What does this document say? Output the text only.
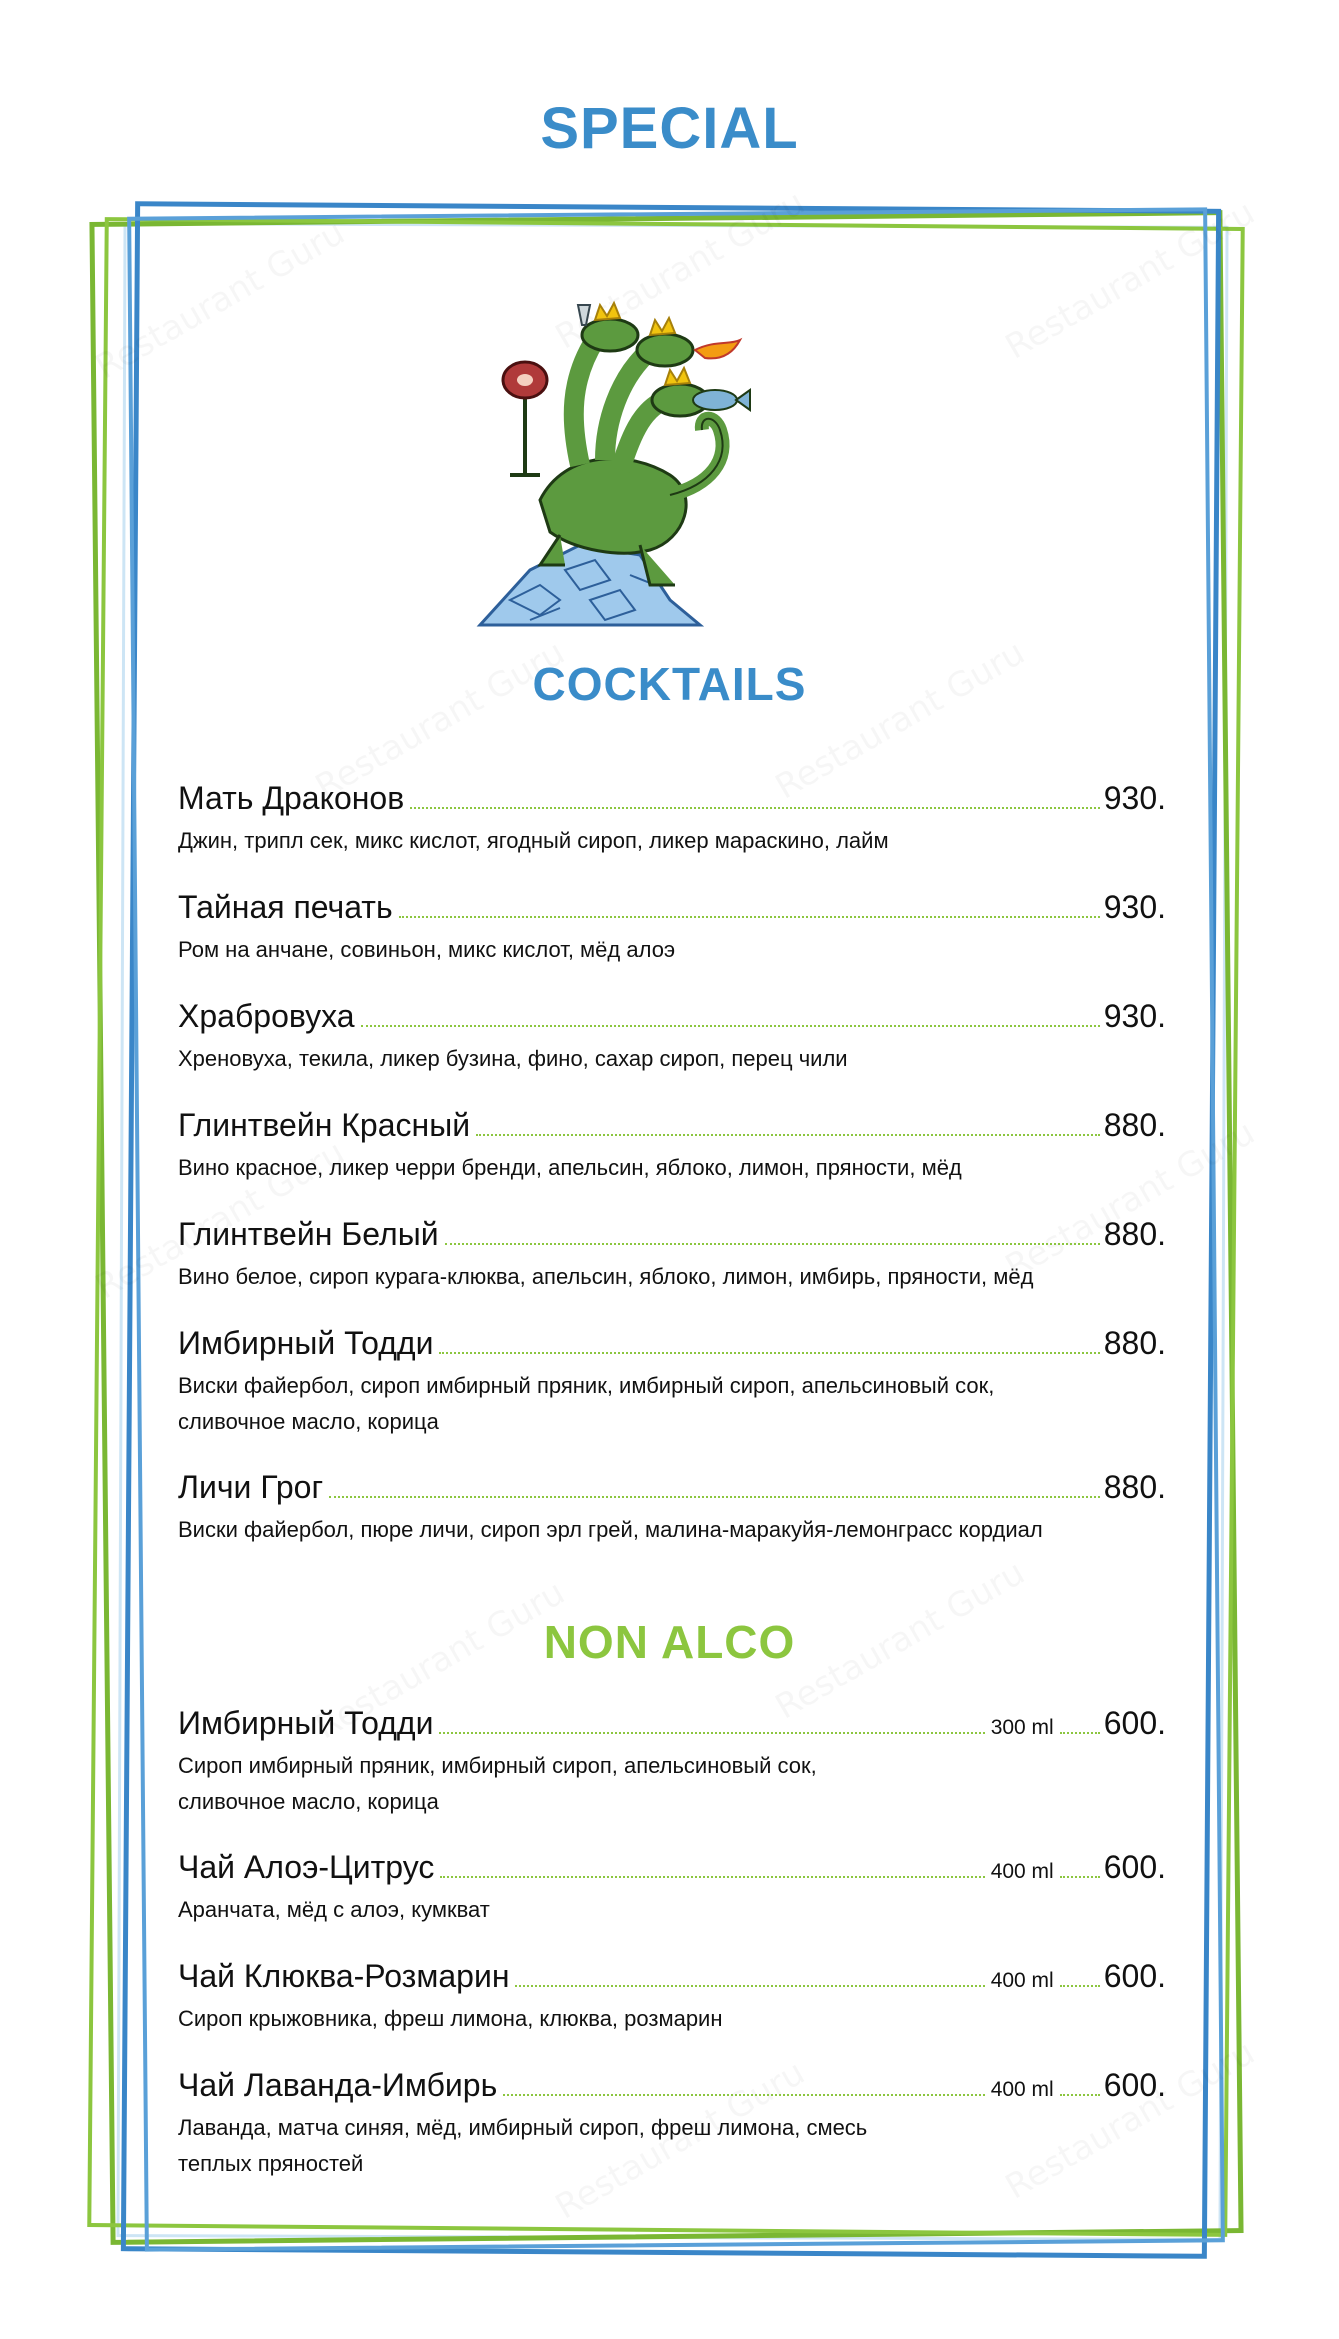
SPECIAL
COCKTAILS
Мать Драконов	930.
Джин, трипл сек, микс кислот, ягодный сироп, ликер мараскино, лайм
Тайная печать	930.
Ром на анчане, совиньон, микс кислот, мёд алоэ
Храбровуха	930.
Хреновуха, текила, ликер бузина, фино, сахар сироп, перец чили
Глинтвейн Красный	880.
Вино красное, ликер черри бренди, апельсин, яблоко, лимон, пряности, мёд
Глинтвейн Белый	880.
Вино белое, сироп курага-клюква, апельсин, яблоко, лимон, имбирь, пряности, мёд
Имбирный Тодди	880.
Виски файербол, сироп имбирный пряник, имбирный сироп, апельсиновый сок, сливочное масло, корица
Личи Грог	880.
Виски файербол, пюре личи, сироп эрл грей, малина-маракуйя-лемонграсс кордиал
NON ALCO
Имбирный Тодди	300 ml 600.
Сироп имбирный пряник, имбирный сироп, апельсиновый сок, сливочное масло, корица
Чай Алоэ-Цитрус	400 ml 600.
Аранчата, мёд с алоэ, кумкват
Чай Клюква-Розмарин	400 ml 600.
Сироп крыжовника, фреш лимона, клюква, розмарин
Чай Лаванда-Имбирь	400 ml 600.
Лаванда, матча синяя, мёд, имбирный сироп, фреш лимона, смесь теплых пряностей
